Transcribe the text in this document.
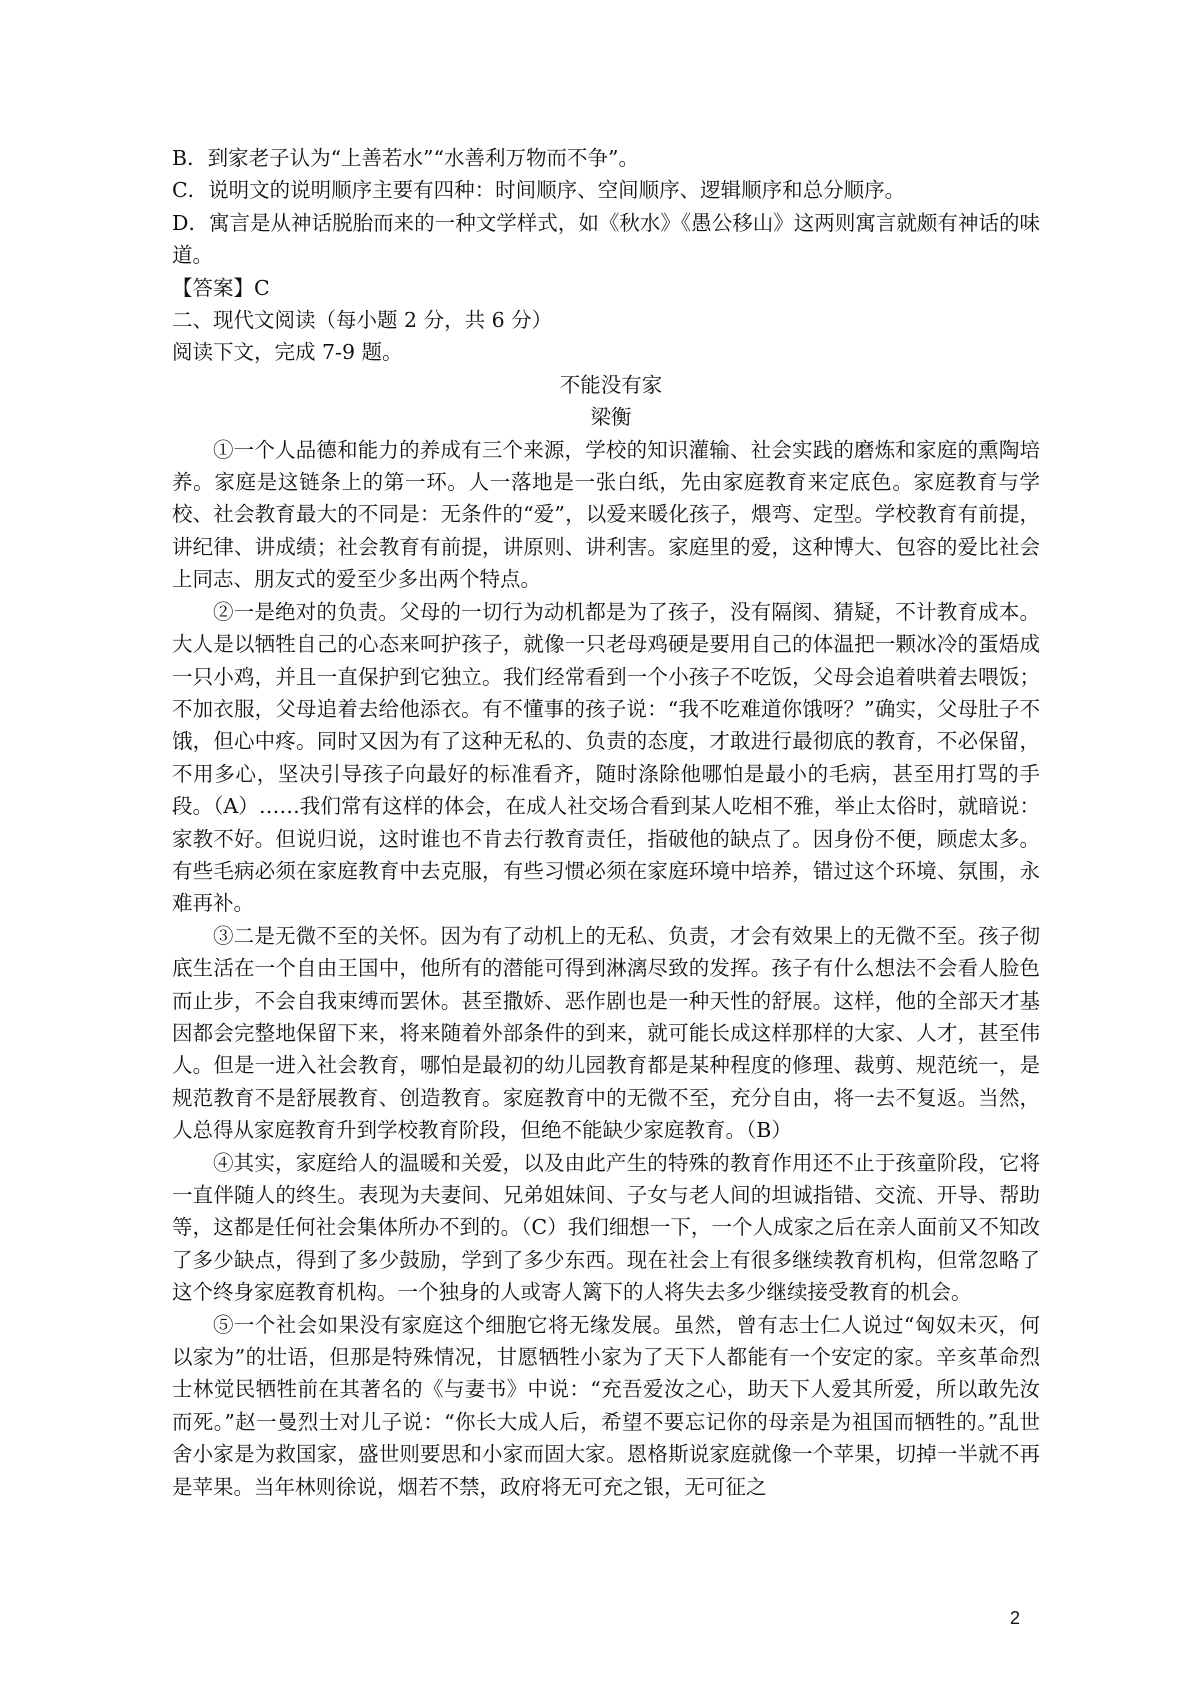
B．到家老子认为“上善若水”“水善利万物而不争”。

C．说明文的说明顺序主要有四种：时间顺序、空间顺序、逻辑顺序和总分顺序。

D．寓言是从神话脱胎而来的一种文学样式，如《秋水》《愚公移山》这两则寓言就颇有神话的味道。

【答案】C

二、现代文阅读（每小题 2 分，共 6 分）

阅读下文，完成 7-9 题。

不能没有家

梁衡

①一个人品德和能力的养成有三个来源，学校的知识灌输、社会实践的磨炼和家庭的熏陶培养。家庭是这链条上的第一环。人一落地是一张白纸，先由家庭教育来定底色。家庭教育与学校、社会教育最大的不同是：无条件的“爱”，以爱来暖化孩子，煨弯、定型。学校教育有前提，讲纪律、讲成绩；社会教育有前提，讲原则、讲利害。家庭里的爱，这种博大、包容的爱比社会上同志、朋友式的爱至少多出两个特点。

②一是绝对的负责。父母的一切行为动机都是为了孩子，没有隔阂、猜疑，不计教育成本。大人是以牺牲自己的心态来呵护孩子，就像一只老母鸡硬是要用自己的体温把一颗冰冷的蛋焐成一只小鸡，并且一直保护到它独立。我们经常看到一个小孩子不吃饭，父母会追着哄着去喂饭；不加衣服，父母追着去给他添衣。有不懂事的孩子说：“我不吃难道你饿呀？”确实，父母肚子不饿，但心中疼。同时又因为有了这种无私的、负责的态度，才敢进行最彻底的教育，不必保留，不用多心，坚决引导孩子向最好的标准看齐，随时涤除他哪怕是最小的毛病，甚至用打骂的手段。（A）……我们常有这样的体会，在成人社交场合看到某人吃相不雅，举止太俗时，就暗说：家教不好。但说归说，这时谁也不肯去行教育责任，指破他的缺点了。因身份不便，顾虑太多。有些毛病必须在家庭教育中去克服，有些习惯必须在家庭环境中培养，错过这个环境、氛围，永难再补。

③二是无微不至的关怀。因为有了动机上的无私、负责，才会有效果上的无微不至。孩子彻底生活在一个自由王国中，他所有的潜能可得到淋漓尽致的发挥。孩子有什么想法不会看人脸色而止步，不会自我束缚而罢休。甚至撒娇、恶作剧也是一种天性的舒展。这样，他的全部天才基因都会完整地保留下来，将来随着外部条件的到来，就可能长成这样那样的大家、人才，甚至伟人。但是一进入社会教育，哪怕是最初的幼儿园教育都是某种程度的修理、裁剪、规范统一，是规范教育不是舒展教育、创造教育。家庭教育中的无微不至，充分自由，将一去不复返。当然，人总得从家庭教育升到学校教育阶段，但绝不能缺少家庭教育。（B）

④其实，家庭给人的温暖和关爱，以及由此产生的特殊的教育作用还不止于孩童阶段，它将一直伴随人的终生。表现为夫妻间、兄弟姐妹间、子女与老人间的坦诚指错、交流、开导、帮助等，这都是任何社会集体所办不到的。（C）我们细想一下，一个人成家之后在亲人面前又不知改了多少缺点，得到了多少鼓励，学到了多少东西。现在社会上有很多继续教育机构，但常忽略了这个终身家庭教育机构。一个独身的人或寄人篱下的人将失去多少继续接受教育的机会。

⑤一个社会如果没有家庭这个细胞它将无缘发展。虽然，曾有志士仁人说过“匈奴未灭，何以家为”的壮语，但那是特殊情况，甘愿牺牲小家为了天下人都能有一个安定的家。辛亥革命烈士林觉民牺牲前在其著名的《与妻书》中说：“充吾爱汝之心，助天下人爱其所爱，所以敢先汝而死。”赵一曼烈士对儿子说：“你长大成人后，希望不要忘记你的母亲是为祖国而牺牲的。”乱世舍小家是为救国家，盛世则要思和小家而固大家。恩格斯说家庭就像一个苹果，切掉一半就不再是苹果。当年林则徐说，烟若不禁，政府将无可充之银，无可征之

2
